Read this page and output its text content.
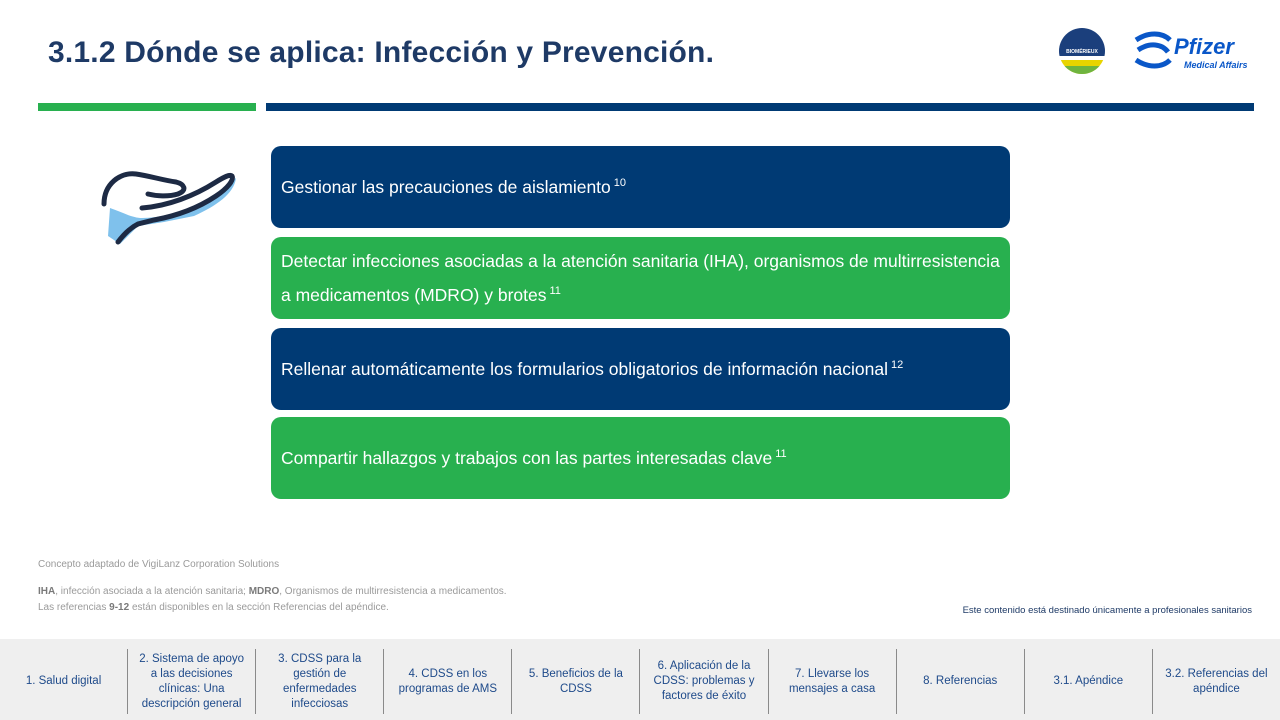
3.1.2 Dónde se aplica: Infección y Prevención.	BIOMÉRIEUX	Pfizer
Medical Affairs
Gestionar las precauciones de aislamiento $^{10}$
Detectar infecciones asociadas a la atención sanitaria (IHA), organismos de multirresistencia a medicamentos (MDRO) y brotes $^{11}$
Rellenar automáticamente los formularios obligatorios de información nacional $^{12}$
Compartir hallazgos y trabajos con las partes interesadas clave $^{11}$
Concepto adaptado de VigiLanz Corporation Solutions
IHA, infección asociada a la atención sanitaria; MDRO, Organismos de multirresistencia a medicamentos.
Las referencias 9-12 están disponibles en la sección Referencias del apéndice.	Este contenido está destinado únicamente a profesionales sanitarios
1. Salud digital
2. Sistema de apoyo a las decisiones clínicas: Una descripción general
3. CDSS para la gestión de enfermedades infecciosas
4. CDSS en los programas de AMS
5. Beneficios de la CDSS
6. Aplicación de la CDSS: problemas y factores de éxito
7. Llevarse los mensajes a casa
8. Referencias	3.1. Apéndice
3.2. Referencias del apéndice
